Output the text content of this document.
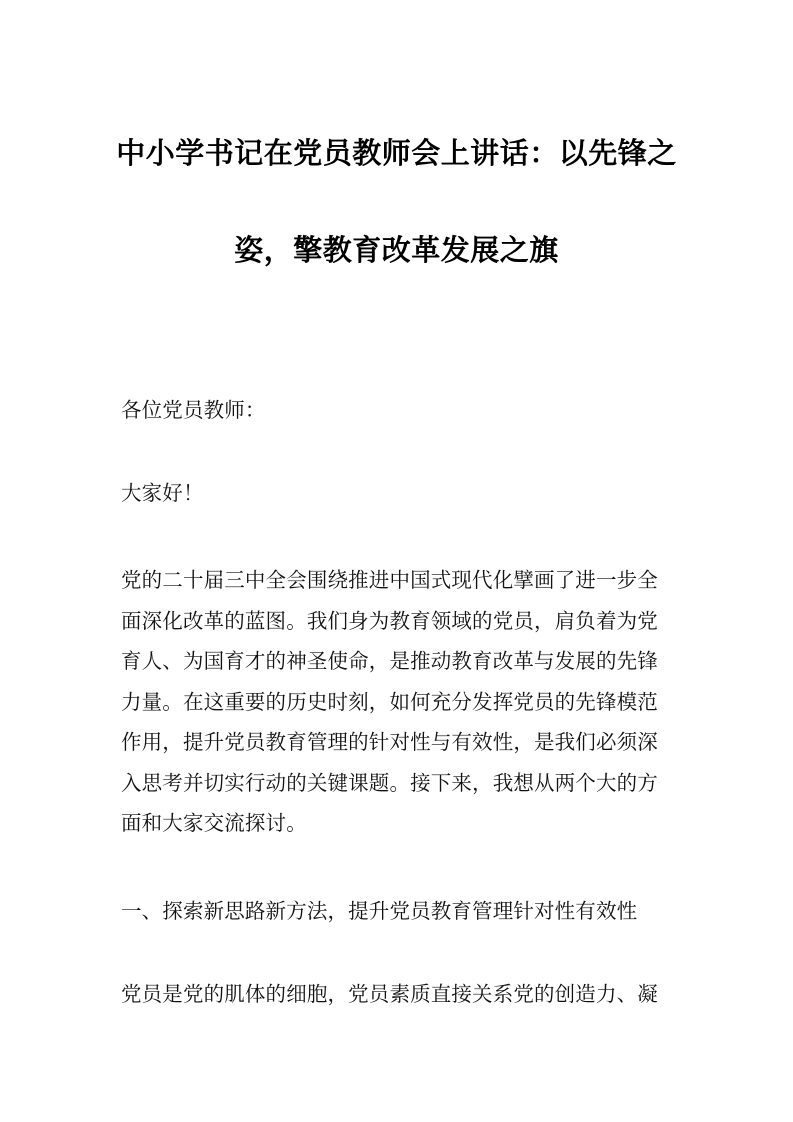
中小学书记在党员教师会上讲话：以先锋之
姿，擎教育改革发展之旗
各位党员教师：
大家好！
党的二十届三中全会围绕推进中国式现代化擘画了进一步全
面深化改革的蓝图。我们身为教育领域的党员，肩负着为党
育人、为国育才的神圣使命，是推动教育改革与发展的先锋
力量。在这重要的历史时刻，如何充分发挥党员的先锋模范
作用，提升党员教育管理的针对性与有效性，是我们必须深
入思考并切实行动的关键课题。接下来，我想从两个大的方
面和大家交流探讨。
一、探索新思路新方法，提升党员教育管理针对性有效性
党员是党的肌体的细胞，党员素质直接关系党的创造力、凝
